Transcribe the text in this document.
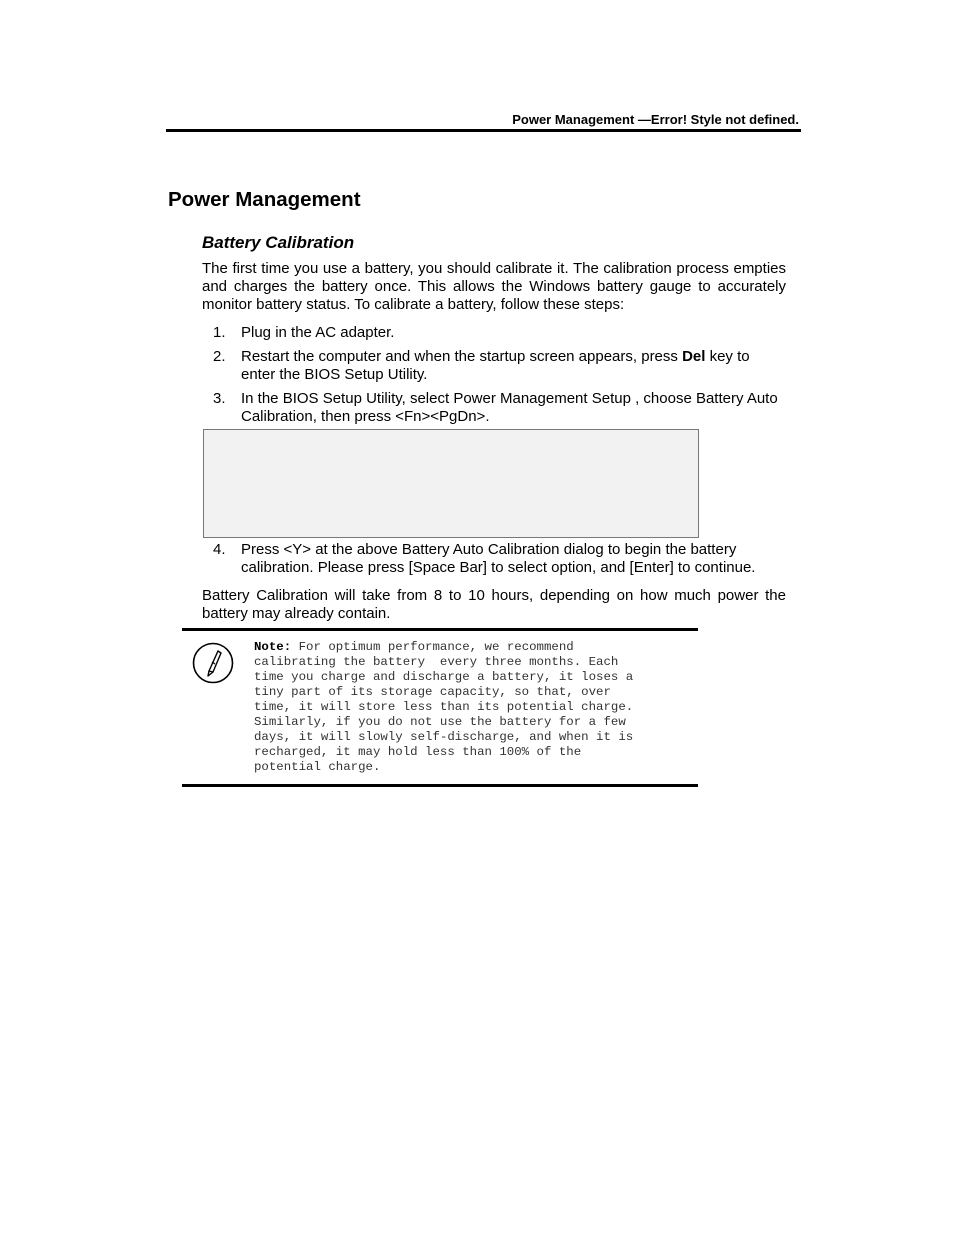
Power Management —Error! Style not defined.
Power Management
Battery Calibration
The first time you use a battery, you should calibrate it. The calibration process empties and charges the battery once. This allows the Windows battery gauge to accurately monitor battery status. To calibrate a battery, follow these steps:
1. Plug in the AC adapter.
2. Restart the computer and when the startup screen appears, press Del key to enter the BIOS Setup Utility.
3. In the BIOS Setup Utility, select Power Management Setup , choose Battery Auto Calibration, then press <Fn><PgDn>.
4. Press <Y> at the above Battery Auto Calibration dialog to begin the battery calibration. Please press [Space Bar] to select option, and [Enter] to continue.
Battery Calibration will take from 8 to 10 hours, depending on how much power the battery may already contain.
Note: For optimum performance, we recommend
calibrating the battery  every three months. Each
time you charge and discharge a battery, it loses a
tiny part of its storage capacity, so that, over
time, it will store less than its potential charge.
Similarly, if you do not use the battery for a few
days, it will slowly self-discharge, and when it is
recharged, it may hold less than 100% of the
potential charge.
